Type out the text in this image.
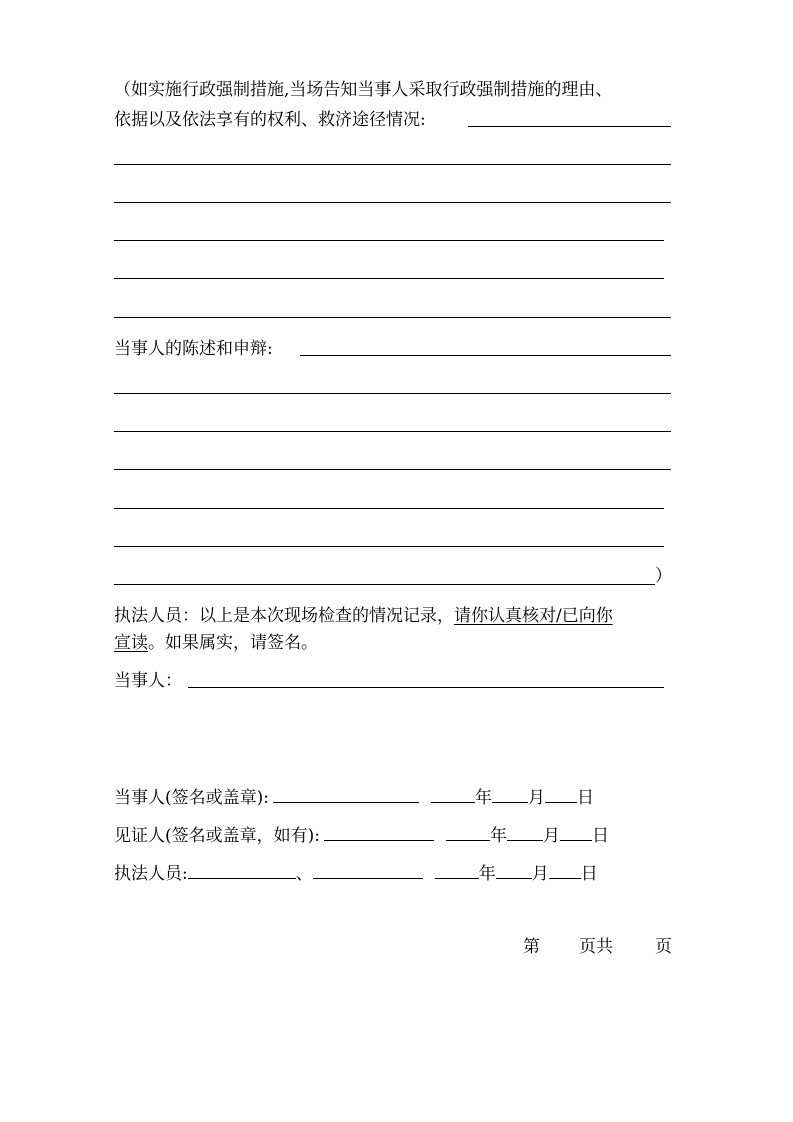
（如实施行政强制措施,当场告知当事人采取行政强制措施的理由、
依据以及依法享有的权利、救济途径情况:
当事人的陈述和申辩:
）
执法人员：以上是本次现场检查的情况记录，请你认真核对/已向你
宣读。如果属实，请签名。
当事人：
当事人(签名或盖章):	年 月 日
见证人(签名或盖章，如有):	年 月 日
执法人员:	、	年 月 日
第 页共 页
